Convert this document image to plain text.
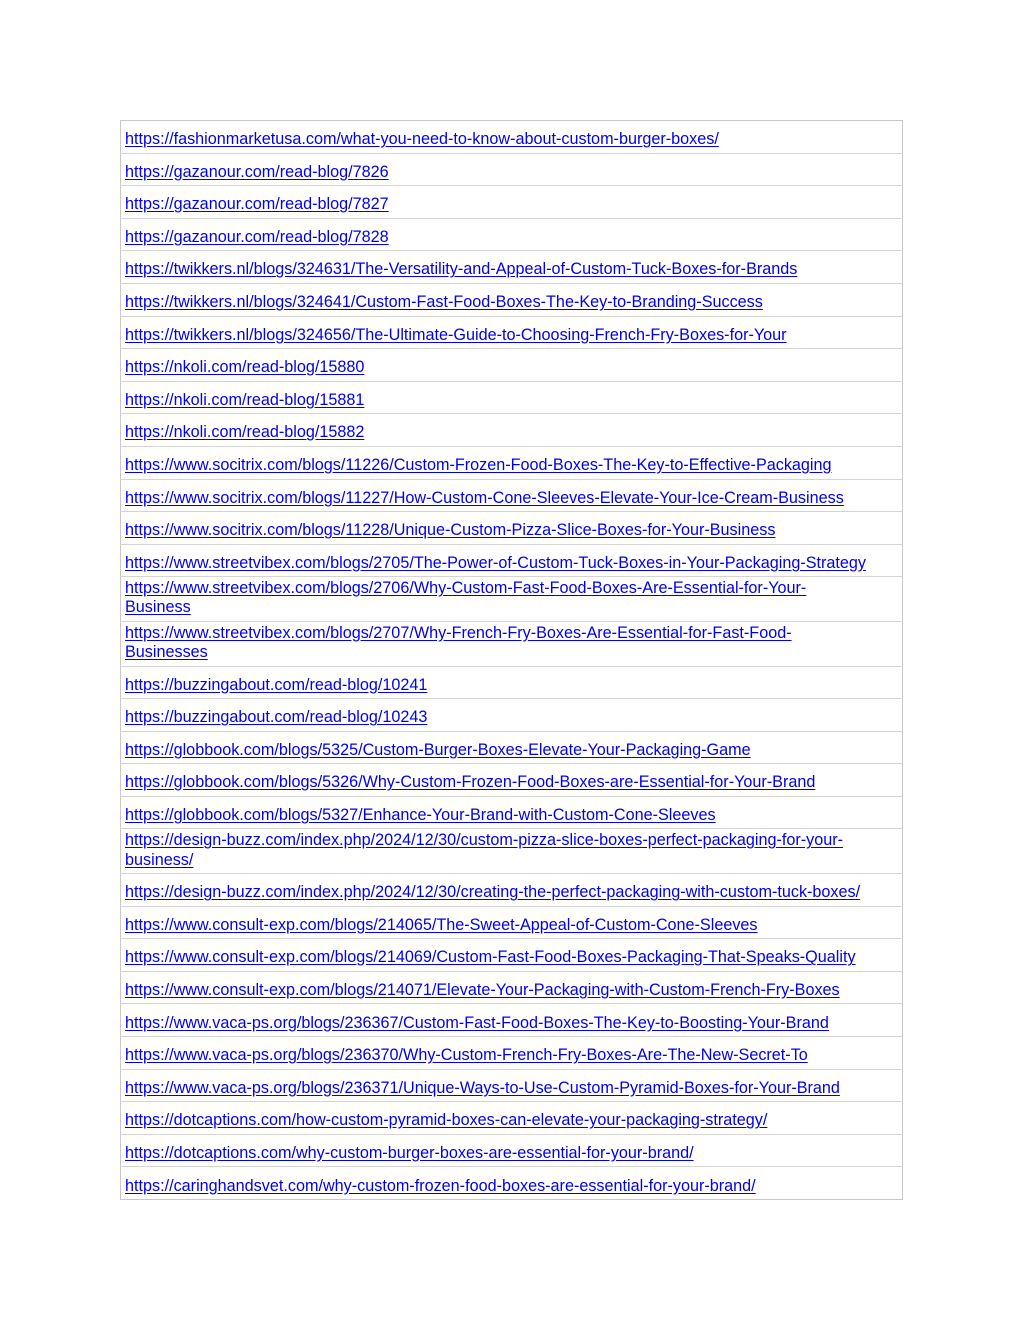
https://fashionmarketusa.com/what-you-need-to-know-about-custom-burger-boxes/
https://gazanour.com/read-blog/7826
https://gazanour.com/read-blog/7827
https://gazanour.com/read-blog/7828
https://twikkers.nl/blogs/324631/The-Versatility-and-Appeal-of-Custom-Tuck-Boxes-for-Brands
https://twikkers.nl/blogs/324641/Custom-Fast-Food-Boxes-The-Key-to-Branding-Success
https://twikkers.nl/blogs/324656/The-Ultimate-Guide-to-Choosing-French-Fry-Boxes-for-Your
https://nkoli.com/read-blog/15880
https://nkoli.com/read-blog/15881
https://nkoli.com/read-blog/15882
https://www.socitrix.com/blogs/11226/Custom-Frozen-Food-Boxes-The-Key-to-Effective-Packaging
https://www.socitrix.com/blogs/11227/How-Custom-Cone-Sleeves-Elevate-Your-Ice-Cream-Business
https://www.socitrix.com/blogs/11228/Unique-Custom-Pizza-Slice-Boxes-for-Your-Business
https://www.streetvibex.com/blogs/2705/The-Power-of-Custom-Tuck-Boxes-in-Your-Packaging-Strategy
https://www.streetvibex.com/blogs/2706/Why-Custom-Fast-Food-Boxes-Are-Essential-for-Your-
Business
https://www.streetvibex.com/blogs/2707/Why-French-Fry-Boxes-Are-Essential-for-Fast-Food-
Businesses
https://buzzingabout.com/read-blog/10241
https://buzzingabout.com/read-blog/10243
https://globbook.com/blogs/5325/Custom-Burger-Boxes-Elevate-Your-Packaging-Game
https://globbook.com/blogs/5326/Why-Custom-Frozen-Food-Boxes-are-Essential-for-Your-Brand
https://globbook.com/blogs/5327/Enhance-Your-Brand-with-Custom-Cone-Sleeves
https://design-buzz.com/index.php/2024/12/30/custom-pizza-slice-boxes-perfect-packaging-for-your-
business/
https://design-buzz.com/index.php/2024/12/30/creating-the-perfect-packaging-with-custom-tuck-boxes/
https://www.consult-exp.com/blogs/214065/The-Sweet-Appeal-of-Custom-Cone-Sleeves
https://www.consult-exp.com/blogs/214069/Custom-Fast-Food-Boxes-Packaging-That-Speaks-Quality
https://www.consult-exp.com/blogs/214071/Elevate-Your-Packaging-with-Custom-French-Fry-Boxes
https://www.vaca-ps.org/blogs/236367/Custom-Fast-Food-Boxes-The-Key-to-Boosting-Your-Brand
https://www.vaca-ps.org/blogs/236370/Why-Custom-French-Fry-Boxes-Are-The-New-Secret-To
https://www.vaca-ps.org/blogs/236371/Unique-Ways-to-Use-Custom-Pyramid-Boxes-for-Your-Brand
https://dotcaptions.com/how-custom-pyramid-boxes-can-elevate-your-packaging-strategy/
https://dotcaptions.com/why-custom-burger-boxes-are-essential-for-your-brand/
https://caringhandsvet.com/why-custom-frozen-food-boxes-are-essential-for-your-brand/
